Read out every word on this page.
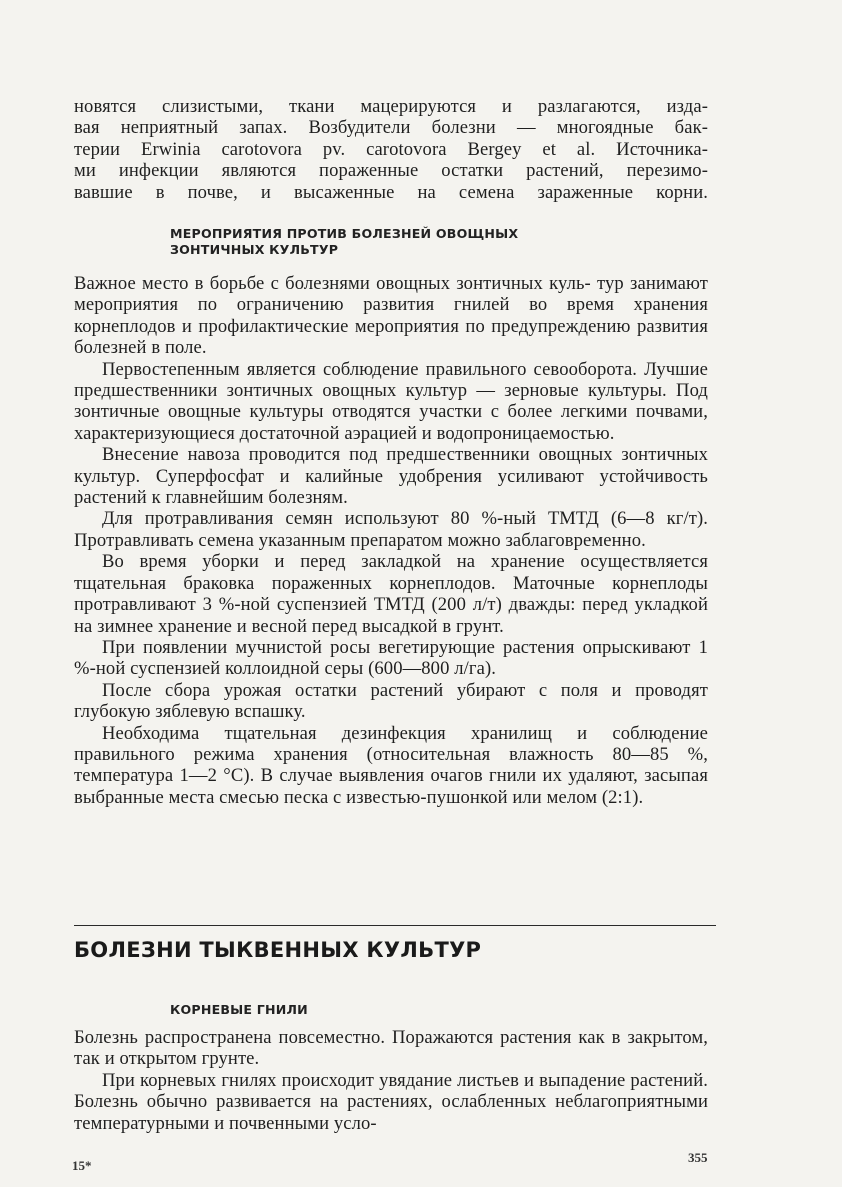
новятся слизистыми, ткани мацерируются и разлагаются, изда-

вая неприятный запах. Возбудители болезни — многоядные бак-

терии Erwinia carotovora pv. carotovora Bergey et al. Источника-

ми инфекции являются пораженные остатки растений, перезимо-

вавшие в почве, и высаженные на семена зараженные корни.

МЕРОПРИЯТИЯ ПРОТИВ БОЛЕЗНЕЙ ОВОЩНЫХ
ЗОНТИЧНЫХ КУЛЬТУР

Важное место в борьбе с болезнями овощных зонтичных куль- тур занимают мероприятия по ограничению развития гнилей во время хранения корнеплодов и профилактические мероприятия по предупреждению развития болезней в поле.

Первостепенным является соблюдение правильного севооборота. Лучшие предшественники зонтичных овощных культур — зерновые культуры. Под зонтичные овощные культуры отводятся участки с более легкими почвами, характеризующиеся достаточной аэрацией и водопроницаемостью.

Внесение навоза проводится под предшественники овощных зонтичных культур. Суперфосфат и калийные удобрения усиливают устойчивость растений к главнейшим болезням.

Для протравливания семян используют 80 %-ный ТМТД (6—8 кг/т). Протравливать семена указанным препаратом можно заблаговременно.

Во время уборки и перед закладкой на хранение осуществляется тщательная браковка пораженных корнеплодов. Маточные корнеплоды протравливают 3 %-ной суспензией ТМТД (200 л/т) дважды: перед укладкой на зимнее хранение и весной перед высадкой в грунт.

При появлении мучнистой росы вегетирующие растения опрыскивают 1 %-ной суспензией коллоидной серы (600—800 л/га).

После сбора урожая остатки растений убирают с поля и проводят глубокую зяблевую вспашку.

Необходима тщательная дезинфекция хранилищ и соблюдение правильного режима хранения (относительная влажность 80—85 %, температура 1—2 °С). В случае выявления очагов гнили их удаляют, засыпая выбранные места смесью песка с известью-пушонкой или мелом (2:1).

БОЛЕЗНИ ТЫКВЕННЫХ КУЛЬТУР
КОРНЕВЫЕ ГНИЛИ

Болезнь распространена повсеместно. Поражаются растения как в закрытом, так и открытом грунте.

При корневых гнилях происходит увядание листьев и выпадение растений. Болезнь обычно развивается на растениях, ослабленных неблагоприятными температурными и почвенными усло-

15*
355
